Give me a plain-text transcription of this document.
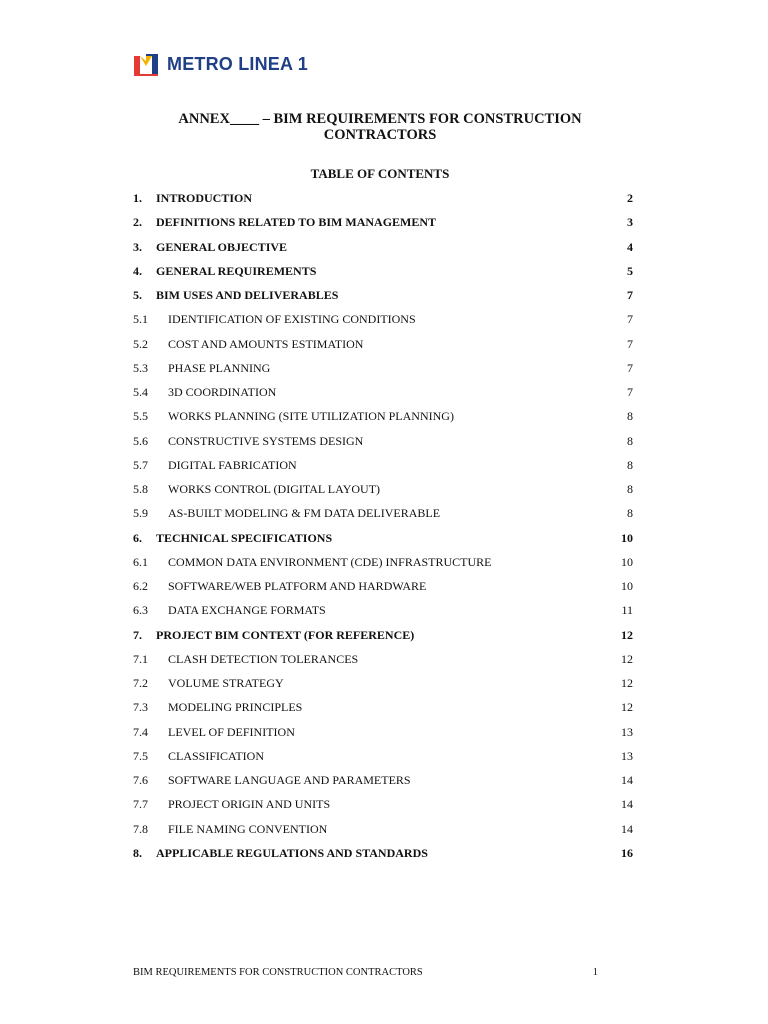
METRO LINEA 1
ANNEX____ – BIM REQUIREMENTS FOR CONSTRUCTION
CONTRACTORS
TABLE OF CONTENTS
1. INTRODUCTION	2
2. DEFINITIONS RELATED TO BIM MANAGEMENT	3
3. GENERAL OBJECTIVE	4
4. GENERAL REQUIREMENTS	5
5. BIM USES AND DELIVERABLES	7
5.1 IDENTIFICATION OF EXISTING CONDITIONS	7
5.2 COST AND AMOUNTS ESTIMATION	7
5.3 PHASE PLANNING	7
5.4 3D COORDINATION	7
5.5 WORKS PLANNING (SITE UTILIZATION PLANNING)	8
5.6 CONSTRUCTIVE SYSTEMS DESIGN	8
5.7 DIGITAL FABRICATION	8
5.8 WORKS CONTROL (DIGITAL LAYOUT)	8
5.9 AS-BUILT MODELING & FM DATA DELIVERABLE	8
6. TECHNICAL SPECIFICATIONS	10
6.1 COMMON DATA ENVIRONMENT (CDE) INFRASTRUCTURE	10
6.2 SOFTWARE/WEB PLATFORM AND HARDWARE	10
6.3 DATA EXCHANGE FORMATS	11
7. PROJECT BIM CONTEXT (FOR REFERENCE)	12
7.1 CLASH DETECTION TOLERANCES	12
7.2 VOLUME STRATEGY	12
7.3 MODELING PRINCIPLES	12
7.4 LEVEL OF DEFINITION	13
7.5 CLASSIFICATION	13
7.6 SOFTWARE LANGUAGE AND PARAMETERS	14
7.7 PROJECT ORIGIN AND UNITS	14
7.8 FILE NAMING CONVENTION	14
8. APPLICABLE REGULATIONS AND STANDARDS	16
BIM REQUIREMENTS FOR CONSTRUCTION CONTRACTORS	1
